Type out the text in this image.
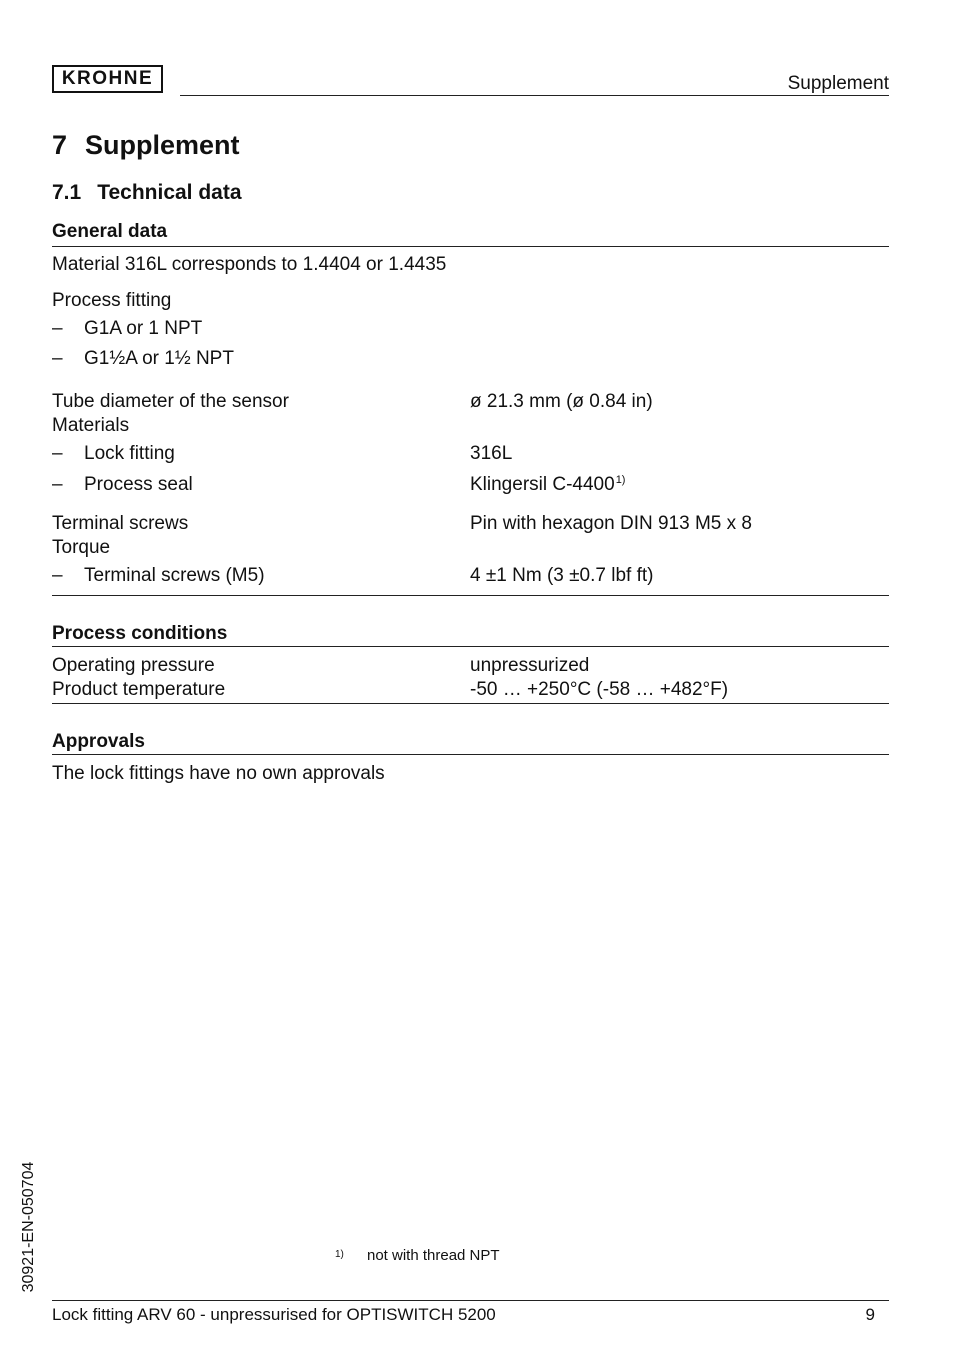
KROHNE	Supplement
7 Supplement
7.1 Technical data
General data
Material 316L corresponds to 1.4404 or 1.4435
Process fitting
– G1A or 1 NPT
– G1½A or 1½ NPT
Tube diameter of the sensor	ø 21.3 mm (ø 0.84 in)
Materials
– Lock fitting	316L
– Process seal	Klingersil C-4400$^{1)}$
Terminal screws	Pin with hexagon DIN 913 M5 x 8
Torque
– Terminal screws (M5)	4 ±1 Nm (3 ±0.7 lbf ft)
Process conditions
Operating pressure	unpressurized
Product temperature	-50 … +250°C (-58 … +482°F)
Approvals
The lock fittings have no own approvals
1) not with thread NPT
30921-EN-050704
Lock fitting ARV 60 - unpressurised for OPTISWITCH 5200	9
